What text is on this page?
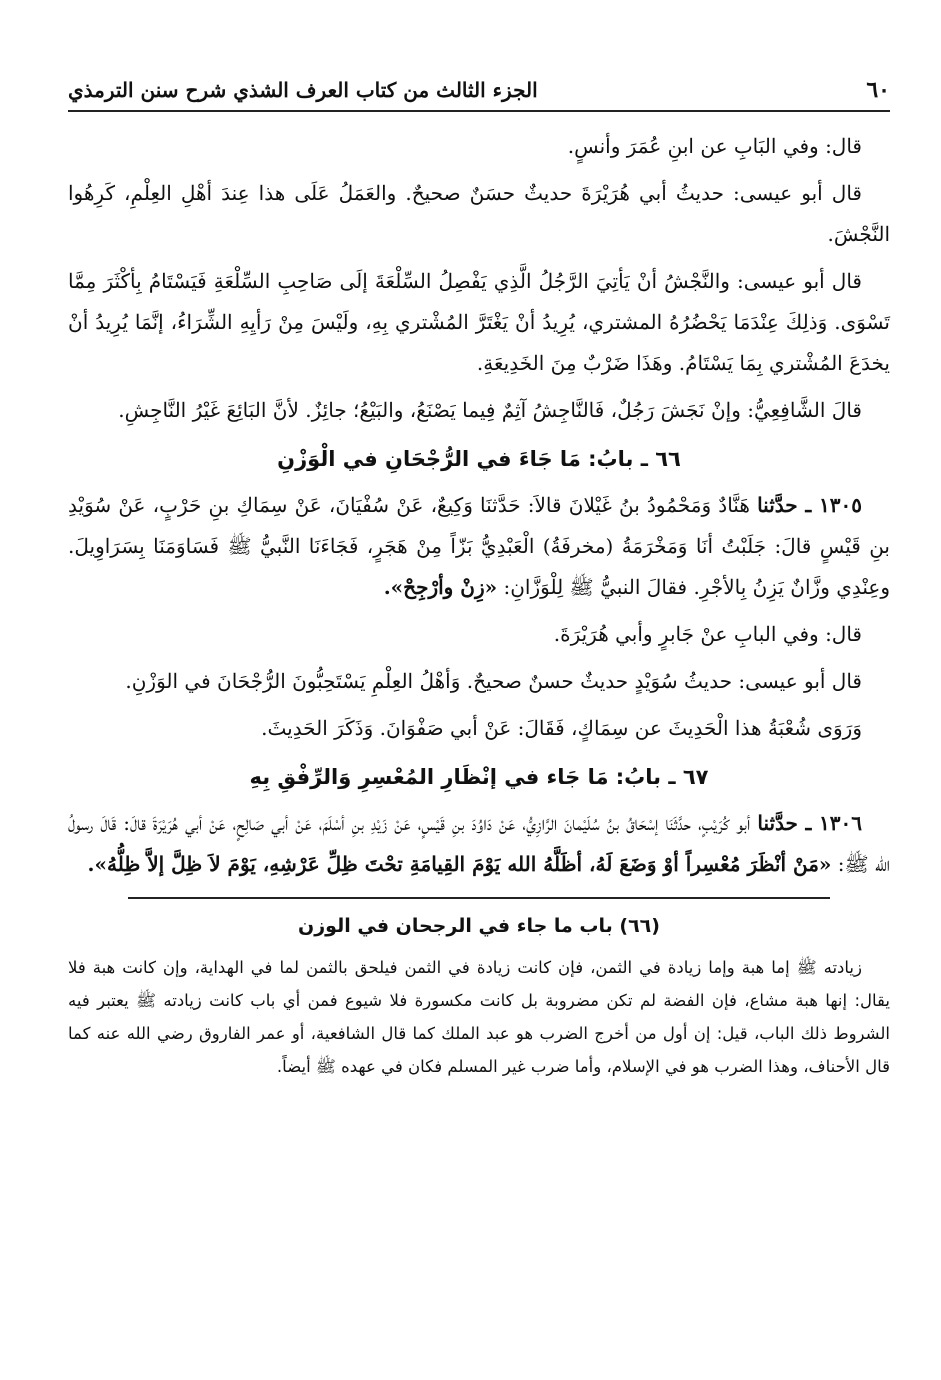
٦٠
الجزء الثالث من كتاب العرف الشذي شرح سنن الترمذي

قال: وفي البَابِ عن ابنِ عُمَرَ وأنسٍ.

قال أبو عيسى: حديثُ أبي هُرَيْرَةَ حديثٌ حسَنٌ صحيحٌ. والعَمَلُ عَلَى هذا عِندَ أهْلِ العِلْمِ، كَرِهُوا النَّجْشَ.

قال أبو عيسى: والنَّجْشُ أنْ يَأتِيَ الرَّجُلُ الَّذِي يَفْصِلُ السِّلْعَةَ إلَى صَاحِبِ السِّلْعَةِ فَيَسْتَامُ بِأكْثَرَ مِمَّا تَسْوَى. وَذلِكَ عِنْدَمَا يَحْضُرُهُ المشتري، يُرِيدُ أنْ يَغْتَرَّ المُشْتري بِهِ، ولَيْسَ مِنْ رَأيِهِ الشِّرَاءُ، إنَّمَا يُرِيدُ أنْ يخدَعَ المُشْتري بِمَا يَسْتَامُ. وهَذَا ضَرْبٌ مِنَ الخَدِيعَةِ.

قالَ الشَّافِعِيُّ: وإنْ نَجَشَ رَجُلٌ، فَالنَّاجِشُ آثِمٌ فِيما يَصْنَعُ، والبَيْعُ؛ جائِزٌ. لأنَّ البَائِعَ غَيْرُ النَّاجِشِ.

٦٦ ـ بابُ: مَا جَاءَ في الرُّجْحَانِ في الْوَزْنِ

١٣٠٥ ـ حدَّثنا هَنَّادٌ وَمَحْمُودُ بنُ غَيْلانَ قالاَ: حَدَّثنَا وَكِيعٌ، عَنْ سُفْيَانَ، عَنْ سِمَاكِ بنِ حَرْبٍ، عَنْ سُوَيْدِ بنِ قَيْسٍ قالَ: جَلَبْتُ أنَا وَمَخْرَمَةُ (مخرفَةُ) الْعَبْدِيُّ بَزّاً مِنْ هَجَرٍ، فَجَاءَنَا النَّبيُّ ﷺ فَسَاوَمَنَا بِسَرَاوِيلَ. وعِنْدِي وزَّانٌ يَزِنُ بِالأجْرِ. فقالَ النبيُّ ﷺ لِلْوَزَّانِ: «زِنْ وأرْجِحْ».

قال: وفي البابِ عنْ جَابرٍ وأبي هُرَيْرَةَ.

قال أبو عيسى: حديثُ سُوَيْدٍ حديثٌ حسنٌ صحيحٌ. وَأهْلُ العِلْمِ يَسْتَحِبُّونَ الرُّجْحَانَ في الوَزْنِ.

وَرَوَى شُعْبَةُ هذا الْحَدِيثَ عن سِمَاكٍ، فَقَالَ: عَنْ أبي صَفْوَانَ. وَذَكَرَ الحَدِيثَ.

٦٧ ـ بابُ: مَا جَاء في إنْظَارِ المُعْسِرِ وَالرِّفْقِ بِهِ

١٣٠٦ ـ حدَّثنا أبو كُرَيْبٍ، حدَّثَنَا إسْحَاقُ بنُ سُلَيْمانَ الرَّازِيُّ، عَنْ دَاوُدَ بنِ قَيْسٍ، عَنْ زَيْدِ بنِ أسْلَمَ، عَنْ أبي صَالِحٍ، عَنْ أبي هُرَيْرَةَ قالَ: قَالَ رسولُ الله ﷺ: «مَنْ أنْظَرَ مُعْسِراً أوْ وَضَعَ لَهُ، أظَلَّهُ الله يَوْمَ القِيامَةِ تحْتَ ظِلِّ عَرْشِهِ، يَوْمَ لاَ ظِلَّ إلاَّ ظِلُّهُ».

(٦٦) باب ما جاء في الرجحان في الوزن

زيادته ﷺ إما هبة وإما زيادة في الثمن، فإن كانت زيادة في الثمن فيلحق بالثمن لما في الهداية، وإن كانت هبة فلا يقال: إنها هبة مشاع، فإن الفضة لم تكن مضروبة بل كانت مكسورة فلا شيوع فمن أي باب كانت زيادته ﷺ يعتبر فيه الشروط ذلك الباب، قيل: إن أول من أخرج الضرب هو عبد الملك كما قال الشافعية، أو عمر الفاروق رضي الله عنه كما قال الأحناف، وهذا الضرب هو في الإسلام، وأما ضرب غير المسلم فكان في عهده ﷺ أيضاً.
